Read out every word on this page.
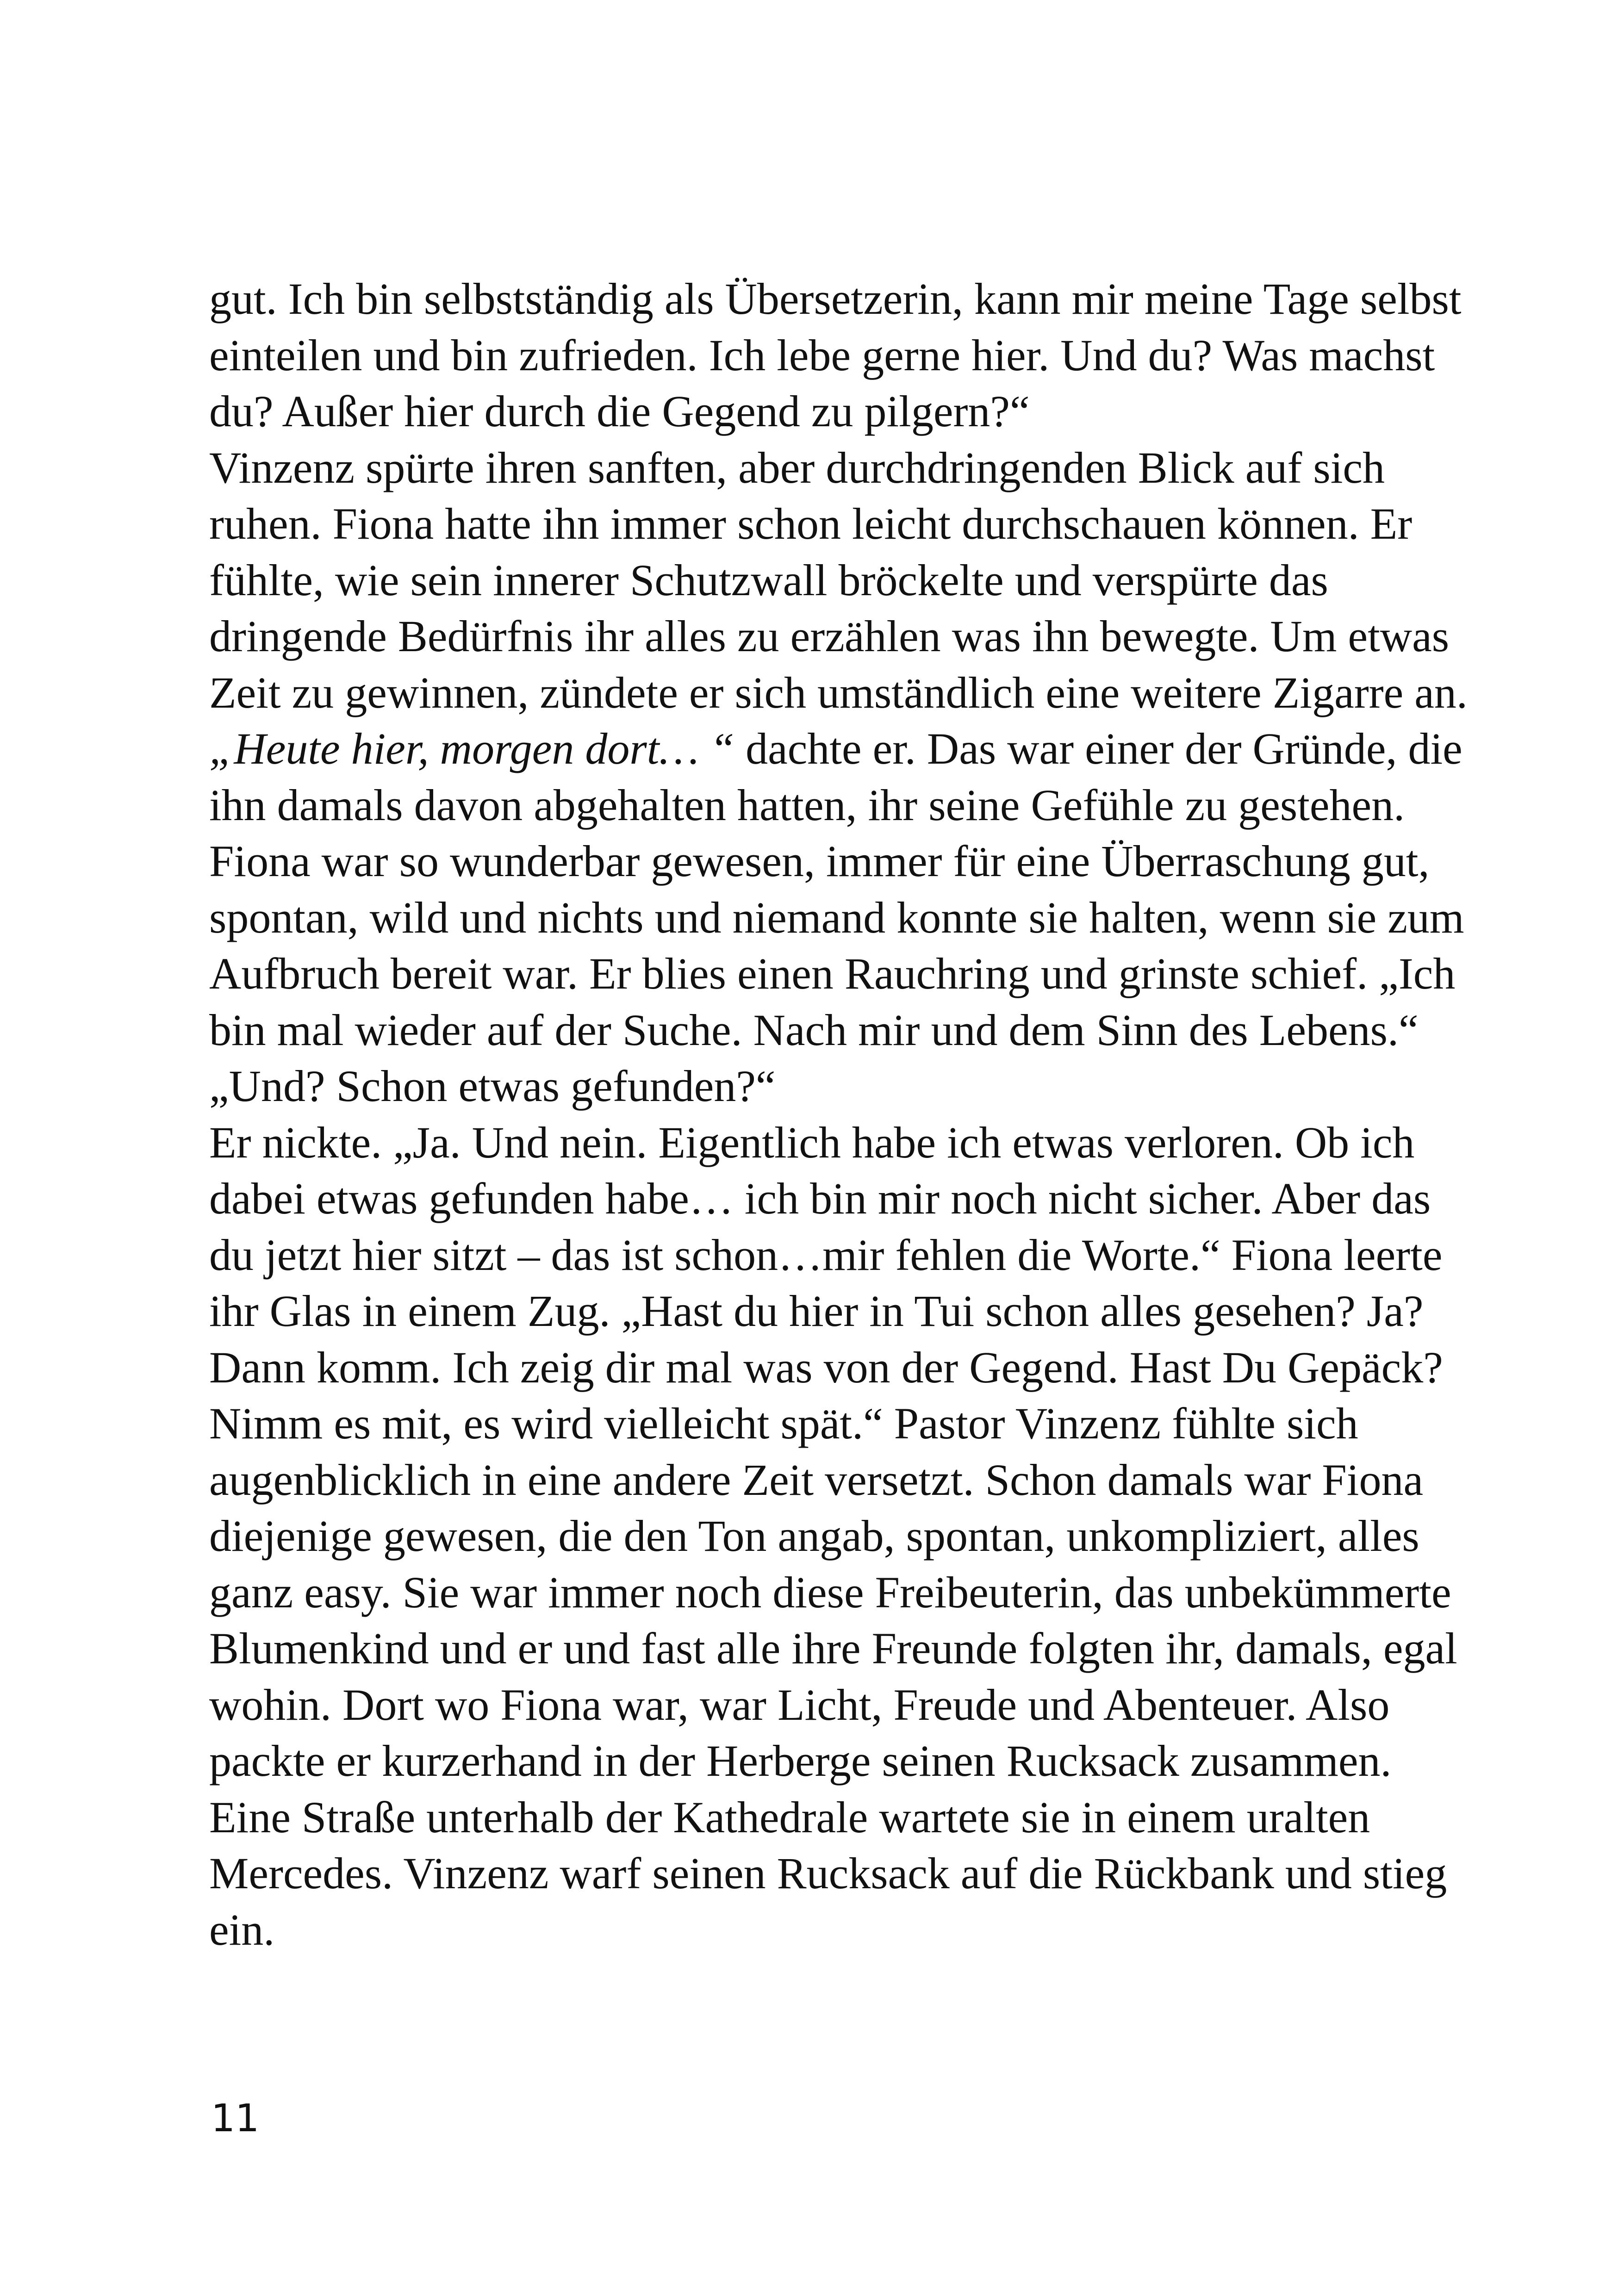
gut. Ich bin selbstständig als Übersetzerin, kann mir meine Tage selbst
einteilen und bin zufrieden. Ich lebe gerne hier. Und du? Was machst
du? Außer hier durch die Gegend zu pilgern?“
Vinzenz spürte ihren sanften, aber durchdringenden Blick auf sich
ruhen. Fiona hatte ihn immer schon leicht durchschauen können. Er
fühlte, wie sein innerer Schutzwall bröckelte und verspürte das
dringende Bedürfnis ihr alles zu erzählen was ihn bewegte. Um etwas
Zeit zu gewinnen, zündete er sich umständlich eine weitere Zigarre an.
„Heute hier, morgen dort… “ dachte er. Das war einer der Gründe, die
ihn damals davon abgehalten hatten, ihr seine Gefühle zu gestehen.
Fiona war so wunderbar gewesen, immer für eine Überraschung gut,
spontan, wild und nichts und niemand konnte sie halten, wenn sie zum
Aufbruch bereit war. Er blies einen Rauchring und grinste schief. „Ich
bin mal wieder auf der Suche. Nach mir und dem Sinn des Lebens.“
„Und? Schon etwas gefunden?“
Er nickte. „Ja. Und nein. Eigentlich habe ich etwas verloren. Ob ich
dabei etwas gefunden habe… ich bin mir noch nicht sicher. Aber das
du jetzt hier sitzt – das ist schon…mir fehlen die Worte.“ Fiona leerte
ihr Glas in einem Zug. „Hast du hier in Tui schon alles gesehen? Ja?
Dann komm. Ich zeig dir mal was von der Gegend. Hast Du Gepäck?
Nimm es mit, es wird vielleicht spät.“ Pastor Vinzenz fühlte sich
augenblicklich in eine andere Zeit versetzt. Schon damals war Fiona
diejenige gewesen, die den Ton angab, spontan, unkompliziert, alles
ganz easy. Sie war immer noch diese Freibeuterin, das unbekümmerte
Blumenkind und er und fast alle ihre Freunde folgten ihr, damals, egal
wohin. Dort wo Fiona war, war Licht, Freude und Abenteuer. Also
packte er kurzerhand in der Herberge seinen Rucksack zusammen.
Eine Straße unterhalb der Kathedrale wartete sie in einem uralten
Mercedes. Vinzenz warf seinen Rucksack auf die Rückbank und stieg
ein.
11
